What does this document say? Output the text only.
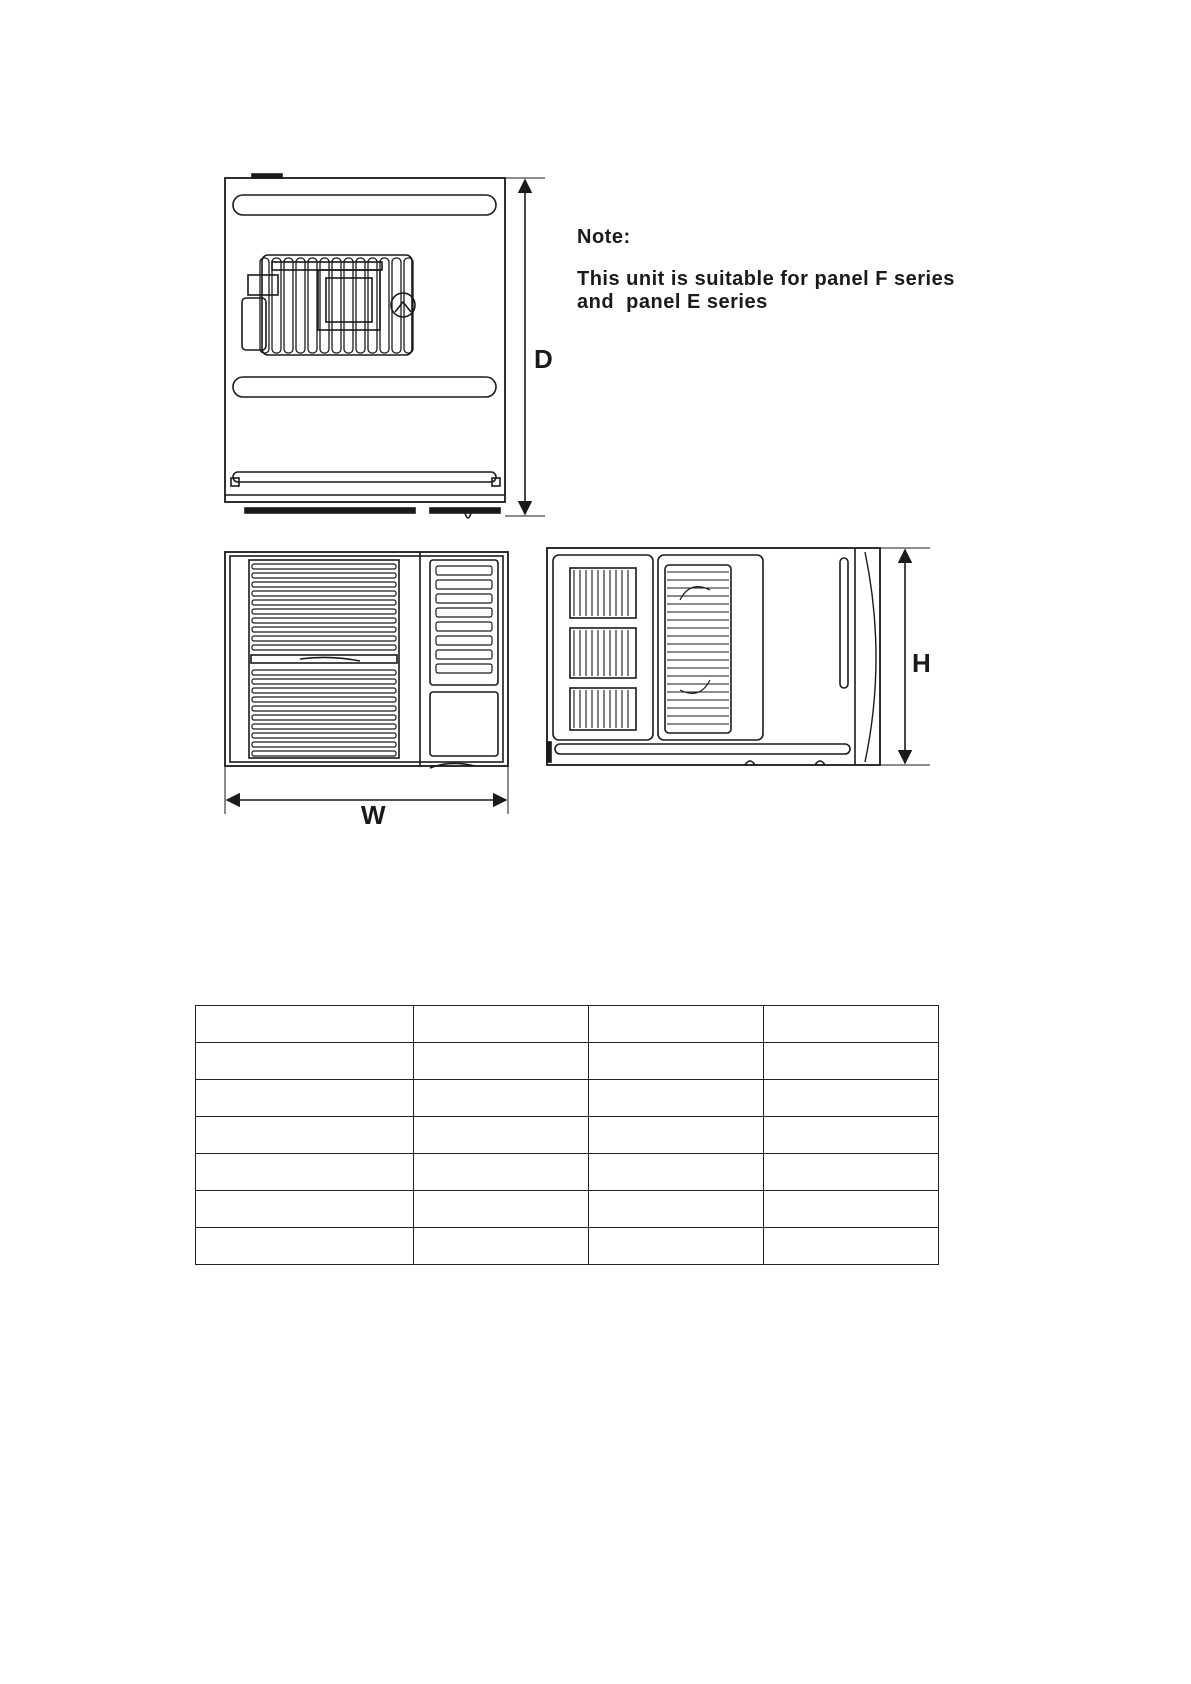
Note:
This unit is suitable for panel F series
and  panel E series
D
W
H
